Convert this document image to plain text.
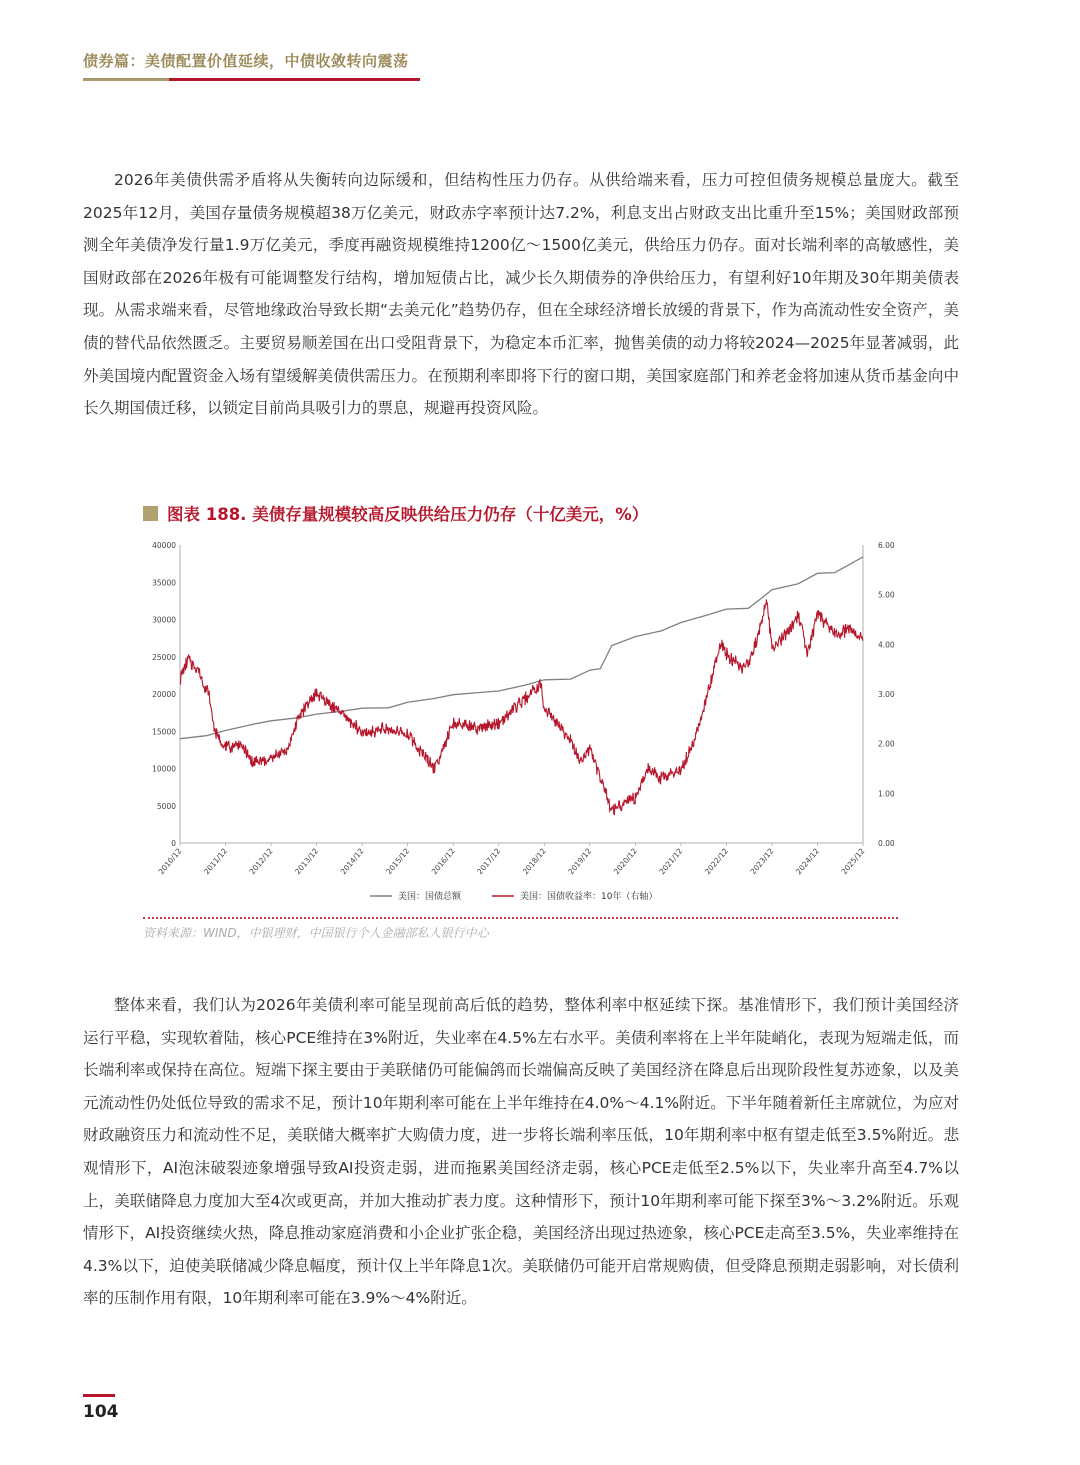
债券篇：美债配置价值延续，中债收敛转向震荡

2026年美债供需矛盾将从失衡转向边际缓和，但结构性压力仍存。从供给端来看，压力可控但债务规模总量庞大。截至2025年12月，美国存量债务规模超38万亿美元，财政赤字率预计达7.2%，利息支出占财政支出比重升至15%；美国财政部预测全年美债净发行量1.9万亿美元，季度再融资规模维持1200亿～1500亿美元，供给压力仍存。面对长端利率的高敏感性，美国财政部在2026年极有可能调整发行结构，增加短债占比，减少长久期债券的净供给压力，有望利好10年期及30年期美债表现。从需求端来看，尽管地缘政治导致长期“去美元化”趋势仍存，但在全球经济增长放缓的背景下，作为高流动性安全资产，美债的替代品依然匮乏。主要贸易顺差国在出口受阻背景下，为稳定本币汇率，抛售美债的动力将较2024—2025年显著减弱，此外美国境内配置资金入场有望缓解美债供需压力。在预期利率即将下行的窗口期，美国家庭部门和养老金将加速从货币基金向中长久期国债迁移，以锁定目前尚具吸引力的票息，规避再投资风险。

图表 188. 美债存量规模较高反映供给压力仍存（十亿美元，%）
40000
35000
30000
25000
20000
15000
10000
5000
0
6.00
5.00
4.00
3.00
2.00
1.00
0.00
2010/12 2011/12 2012/12 2013/12 2014/12 2015/12 2016/12 2017/12 2018/12 2019/12 2020/12 2021/12 2022/12 2023/12 2024/12 2025/12
美国：国债总额	美国：国债收益率：10年（右轴）
资料来源：WIND，中银理财，中国银行个人金融部私人银行中心

整体来看，我们认为2026年美债利率可能呈现前高后低的趋势，整体利率中枢延续下探。基准情形下，我们预计美国经济运行平稳，实现软着陆，核心PCE维持在3%附近，失业率在4.5%左右水平。美债利率将在上半年陡峭化，表现为短端走低，而长端利率或保持在高位。短端下探主要由于美联储仍可能偏鸽而长端偏高反映了美国经济在降息后出现阶段性复苏迹象，以及美元流动性仍处低位导致的需求不足，预计10年期利率可能在上半年维持在4.0%～4.1%附近。下半年随着新任主席就位，为应对财政融资压力和流动性不足，美联储大概率扩大购债力度，进一步将长端利率压低，10年期利率中枢有望走低至3.5%附近。悲观情形下，AI泡沫破裂迹象增强导致AI投资走弱，进而拖累美国经济走弱，核心PCE走低至2.5%以下，失业率升高至4.7%以上，美联储降息力度加大至4次或更高，并加大推动扩表力度。这种情形下，预计10年期利率可能下探至3%～3.2%附近。乐观情形下，AI投资继续火热，降息推动家庭消费和小企业扩张企稳，美国经济出现过热迹象，核心PCE走高至3.5%，失业率维持在4.3%以下，迫使美联储减少降息幅度，预计仅上半年降息1次。美联储仍可能开启常规购债，但受降息预期走弱影响，对长债利率的压制作用有限，10年期利率可能在3.9%～4%附近。

104
